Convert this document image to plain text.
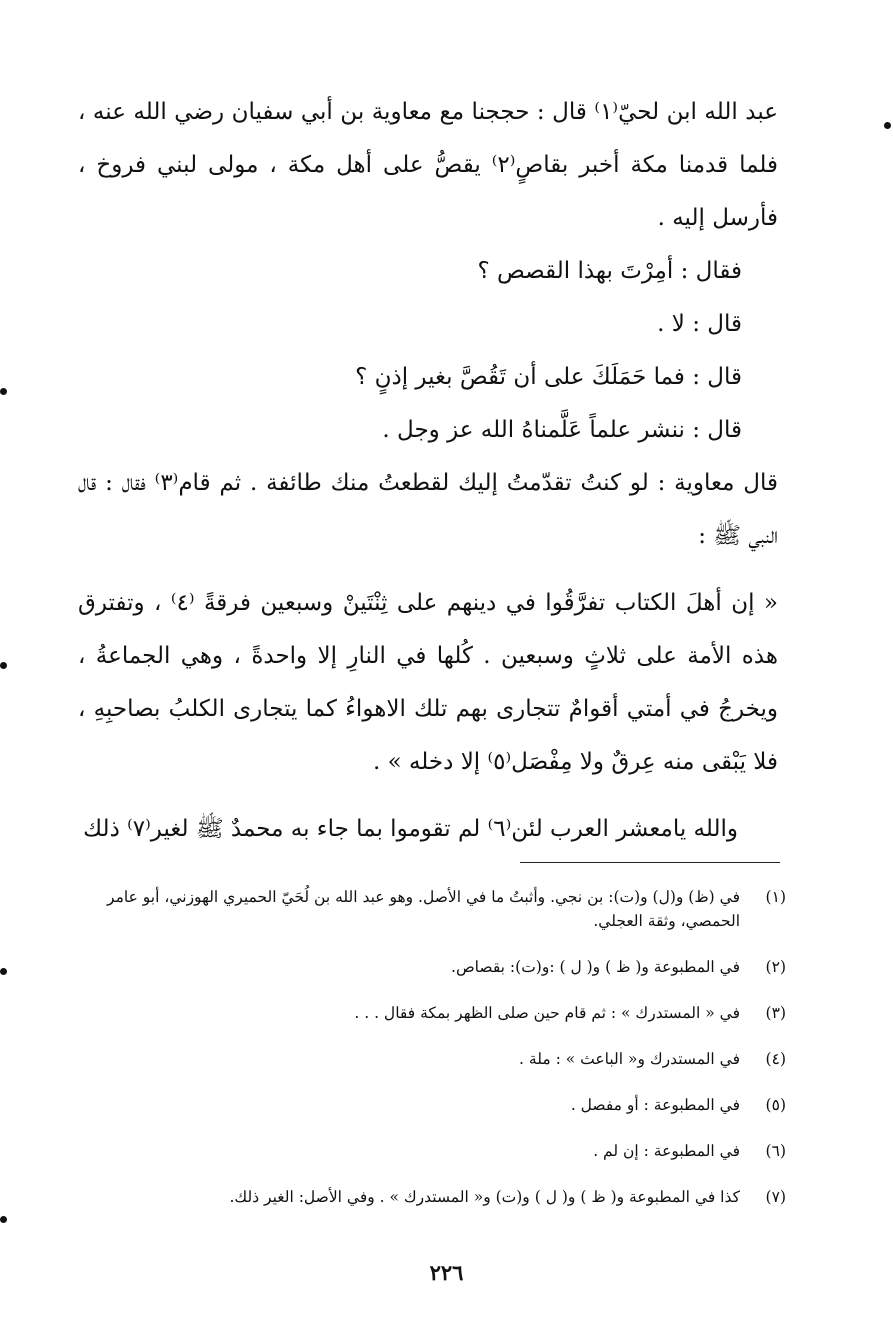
عبد الله ابن لحيّ⁽١⁾ قال : حججنا مع معاوية بن أبي سفيان رضي الله عنه ، فلما قدمنا مكة أخبر بقاصٍ⁽٢⁾ يقصُّ على أهل مكة ، مولى لبني فروخ ، فأرسل إليه .

فقال : أمِرْتَ بهذا القصص ؟

قال : لا .

قال : فما حَمَلَكَ على أن تَقُصَّ بغير إذنٍ ؟

قال : ننشر علماً عَلَّمناهُ الله عز وجل .

قال معاوية : لو كنتُ تقدّمتُ إليك لقطعتُ منك طائفة . ثم قام⁽٣⁾ فقال : قال النبي ﷺ :

« إن أهلَ الكتاب تفرَّقُوا في دينهم على ثِنْتَينْ وسبعين فرقةً ⁽٤⁾ ، وتفترق هذه الأمة على ثلاثٍ وسبعين . كُلها في النارِ إلا واحدةً ، وهي الجماعةُ ، ويخرجُ في أمتي أقوامٌ تتجارى بهم تلك الاهواءُ كما يتجارى الكلبُ بصاحبِهِ ، فلا يَبْقى منه عِرقٌ ولا مِفْصَل⁽٥⁾ إلا دخله » .

والله يامعشر العرب لئن⁽٦⁾ لم تقوموا بما جاء به محمدٌ ﷺ لغير⁽٧⁾ ذلك

(١)
في (ظ) و(ل) و(ت): بن نجي. وأثبتُ ما في الأصل. وهو عبد الله بن لُحَيّ الحميري الهوزني، أبو عامر الحمصي، وثقة العجلي.
(٢)
في المطبوعة و( ظ ) و( ل ) :و(ت): بقصاص.
(٣)
في « المستدرك » : ثم قام حين صلى الظهر بمكة فقال . . .
(٤)
في المستدرك و« الباعث » : ملة .
(٥)
في المطبوعة : أو مفصل .
(٦)
في المطبوعة : إن لم .
(٧)
كذا في المطبوعة و( ظ ) و( ل ) و(ت) و« المستدرك » . وفي الأصل: الغير ذلك.
٢٢٦
